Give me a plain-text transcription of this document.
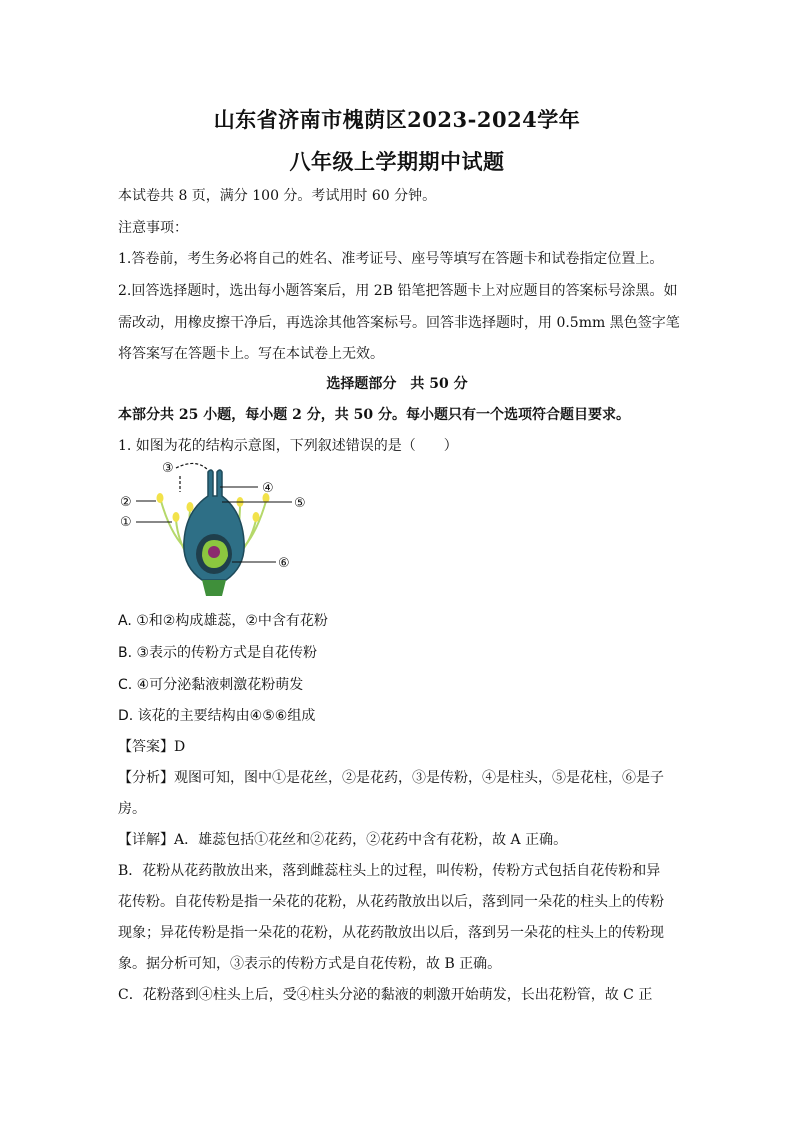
山东省济南市槐荫区2023-2024学年
八年级上学期期中试题
本试卷共 8 页，满分 100 分。考试用时 60 分钟。
注意事项：
1.答卷前，考生务必将自己的姓名、准考证号、座号等填写在答题卡和试卷指定位置上。
2.回答选择题时，选出每小题答案后，用 2B 铅笔把答题卡上对应题目的答案标号涂黑。如
需改动，用橡皮擦干净后，再选涂其他答案标号。回答非选择题时，用 0.5mm 黑色签字笔
将答案写在答题卡上。写在本试卷上无效。
选择题部分　共 50 分
本部分共 25 小题，每小题 2 分，共 50 分。每小题只有一个选项符合题目要求。
1. 如图为花的结构示意图，下列叙述错误的是（　　）
③
②
①
④
⑤
⑥
A. ①和②构成雄蕊，②中含有花粉
B. ③表示的传粉方式是自花传粉
C. ④可分泌黏液刺激花粉萌发
D. 该花的主要结构由④⑤⑥组成
【答案】D
【分析】观图可知，图中①是花丝，②是花药，③是传粉，④是柱头，⑤是花柱，⑥是子
房。
【详解】A．雄蕊包括①花丝和②花药，②花药中含有花粉，故 A 正确。
B．花粉从花药散放出来，落到雌蕊柱头上的过程，叫传粉，传粉方式包括自花传粉和异
花传粉。自花传粉是指一朵花的花粉，从花药散放出以后，落到同一朵花的柱头上的传粉
现象；异花传粉是指一朵花的花粉，从花药散放出以后，落到另一朵花的柱头上的传粉现
象。据分析可知，③表示的传粉方式是自花传粉，故 B 正确。
C．花粉落到④柱头上后，受④柱头分泌的黏液的刺激开始萌发，长出花粉管，故 C 正
